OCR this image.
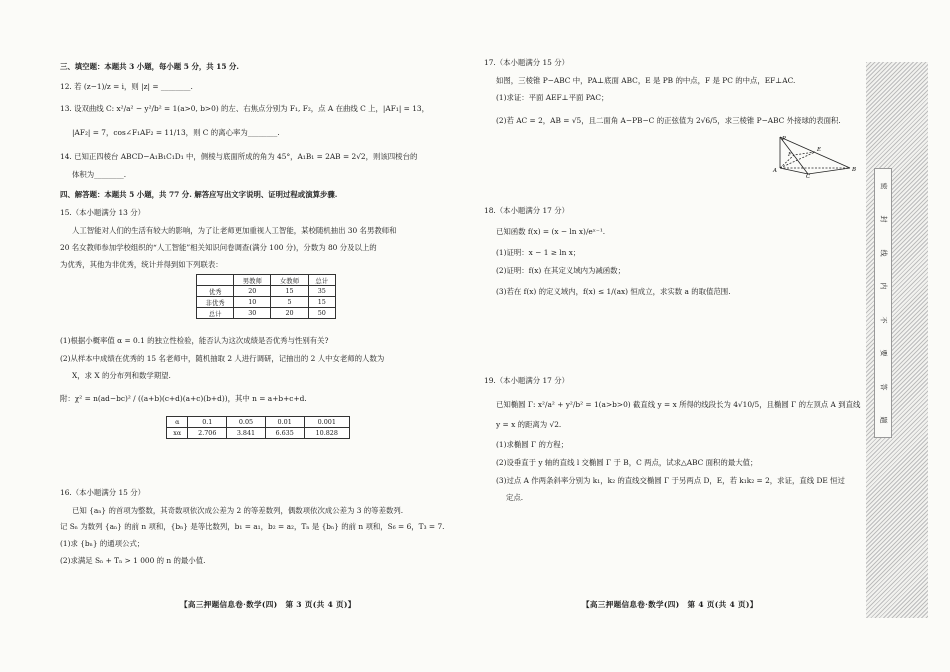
三、填空题：本题共 3 小题，每小题 5 分，共 15 分.
12. 若 (z−1)/z = i，则 |z| = ________.
13. 设双曲线 C: x²/a² − y²/b² = 1(a>0, b>0) 的左、右焦点分别为 F₁, F₂，点 A 在曲线 C 上，|AF₁| = 13，
|AF₂| = 7，cos∠F₁AF₂ = 11/13，则 C 的离心率为________.
14. 已知正四棱台 ABCD−A₁B₁C₁D₁ 中，侧棱与底面所成的角为 45°，A₁B₁ = 2AB = 2√2，则该四棱台的
体积为________.
四、解答题：本题共 5 小题，共 77 分. 解答应写出文字说明、证明过程或演算步骤.
15.（本小题满分 13 分）
人工智能对人们的生活有较大的影响，为了让老师更加重视人工智能，某校随机抽出 30 名男教师和
20 名女教师参加学校组织的“人工智能”相关知识问卷调查(满分 100 分)，分数为 80 分及以上的
为优秀，其他为非优秀，统计并得到如下列联表：
	男教师	女教师	总计
优秀	20	15	35
非优秀	10	5	15
总计	30	20	50
(1)根据小概率值 α = 0.1 的独立性检验，能否认为这次成绩是否优秀与性别有关?
(2)从样本中成绩在优秀的 15 名老师中，随机抽取 2 人进行调研，记抽出的 2 人中女老师的人数为
X，求 X 的分布列和数学期望.
附：χ² = n(ad−bc)² / ((a+b)(c+d)(a+c)(b+d))，其中 n = a+b+c+d.
α	0.1	0.05	0.01	0.001
xα	2.706	3.841	6.635	10.828
16.（本小题满分 15 分）
已知 {aₙ} 的首项为整数，其奇数项依次成公差为 2 的等差数列，偶数项依次成公差为 3 的等差数列.
记 Sₙ 为数列 {aₙ} 的前 n 项和，{bₙ} 是等比数列，b₁ = a₁，b₂ = a₂，Tₙ 是 {bₙ} 的前 n 项和，S₆ = 6，T₃ = 7.
(1)求 {bₙ} 的通项公式；
(2)求满足 Sₙ + Tₙ > 1 000 的 n 的最小值.
【高三押题信息卷·数学(四)　第 3 页(共 4 页)】
17.（本小题满分 15 分）
如图，三棱锥 P−ABC 中，PA⊥底面 ABC，E 是 PB 的中点，F 是 PC 的中点，EF⊥AC.
(1)求证：平面 AEF⊥平面 PAC；
(2)若 AC = 2，AB = √5，且二面角 A−PB−C 的正弦值为 2√6/5，求三棱锥 P−ABC 外接球的表面积.
P
E
F
A
C
B
18.（本小题满分 17 分）
已知函数 f(x) = (x − ln x)/eˣ⁻¹.
(1)证明：x − 1 ≥ ln x；
(2)证明：f(x) 在其定义域内为减函数；
(3)若在 f(x) 的定义域内，f(x) ≤ 1/(ax) 恒成立，求实数 a 的取值范围.
19.（本小题满分 17 分）
已知椭圆 Γ: x²/a² + y²/b² = 1(a>b>0) 截直线 y = x 所得的线段长为 4√10/5，且椭圆 Γ 的左顶点 A 到直线
y = x 的距离为 √2.
(1)求椭圆 Γ 的方程；
(2)设垂直于 y 轴的直线 l 交椭圆 Γ 于 B，C 两点，试求△ABC 面积的最大值；
(3)过点 A 作两条斜率分别为 k₁，k₂ 的直线交椭圆 Γ 于另两点 D，E，若 k₁k₂ = 2，求证，直线 DE 恒过
定点.
【高三押题信息卷·数学(四)　第 4 页(共 4 页)】
密
封
线
内
不
要
答
题
